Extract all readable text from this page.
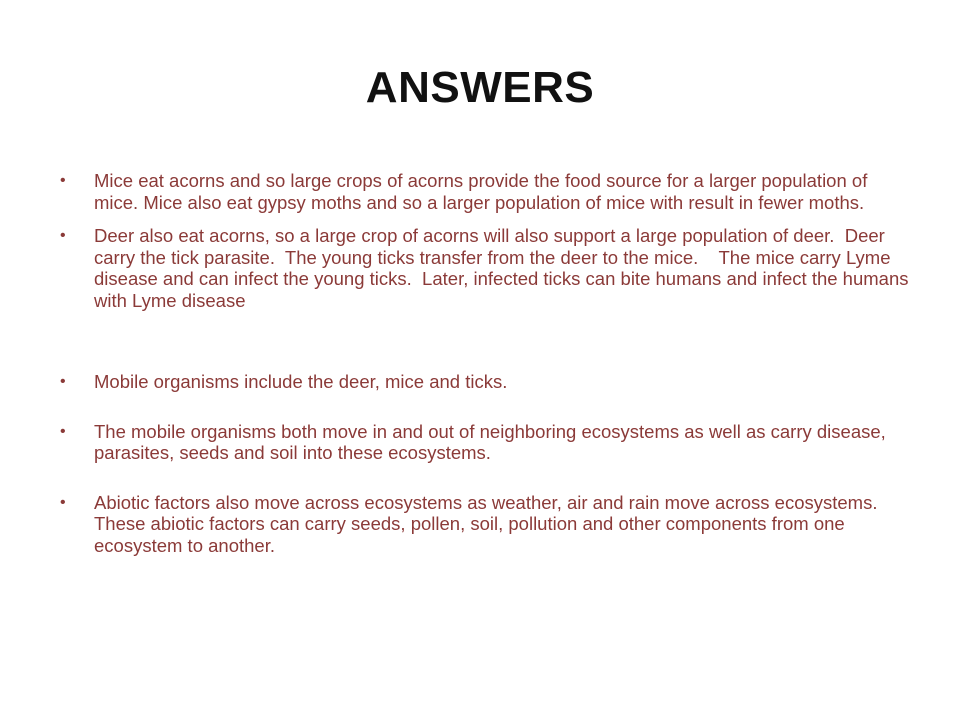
ANSWERS
• Mice eat acorns and so large crops of acorns provide the food source for a larger population of mice. Mice also eat gypsy moths and so a larger population of mice with result in fewer moths.
• Deer also eat acorns, so a large crop of acorns will also support a large population of deer.  Deer carry the tick parasite.  The young ticks transfer from the deer to the mice.    The mice carry Lyme disease and can infect the young ticks.  Later, infected ticks can bite humans and infect the humans with Lyme disease
• Mobile organisms include the deer, mice and ticks.
• The mobile organisms both move in and out of neighboring ecosystems as well as carry disease, parasites, seeds and soil into these ecosystems.
• Abiotic factors also move across ecosystems as weather, air and rain move across ecosystems.  These abiotic factors can carry seeds, pollen, soil, pollution and other components from one ecosystem to another.
